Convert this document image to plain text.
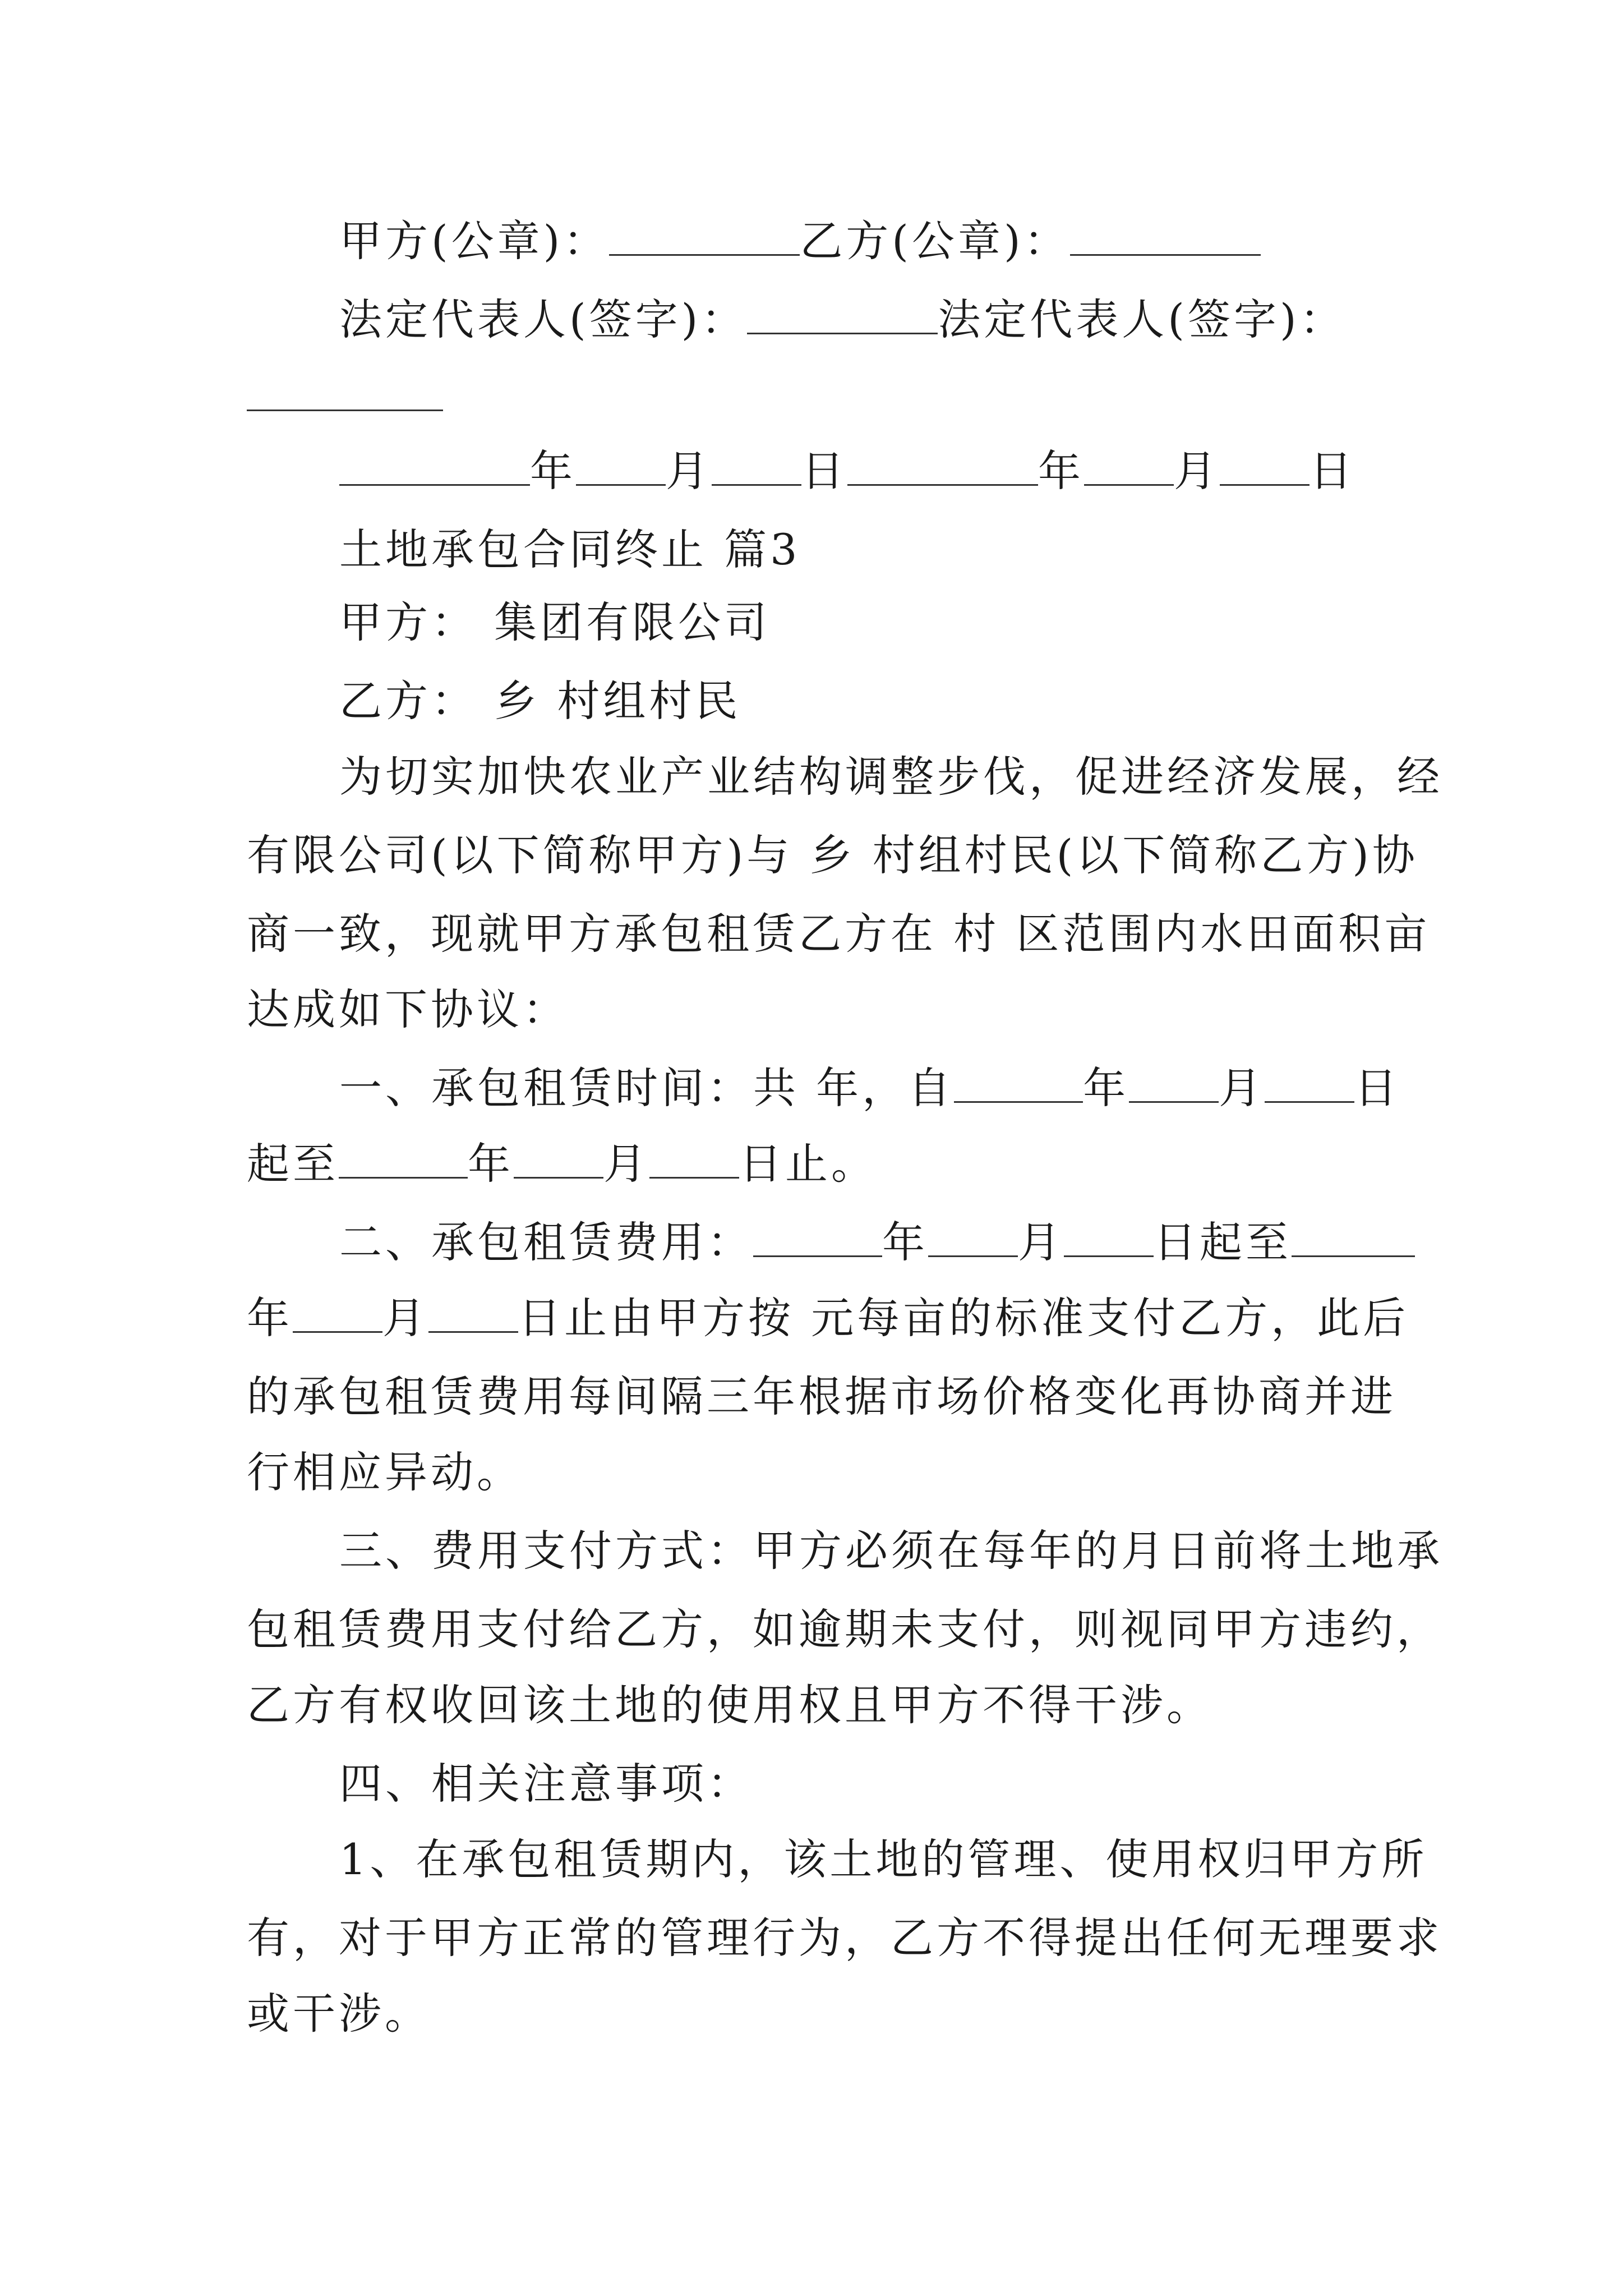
甲方(公章)：	乙方(公章)：
法定代表人(签字)：	法定代表人(签字)：
年 月 日	年 月 日
土地承包合同终止 篇3
甲方： 集团有限公司
乙方： 乡 村组村民
为切实加快农业产业结构调整步伐，促进经济发展，经
有限公司(以下简称甲方)与 乡 村组村民(以下简称乙方)协
商一致，现就甲方承包租赁乙方在 村 区范围内水田面积亩
达成如下协议：
一、承包租赁时间：共 年，自	年 月 日
起至	年 月 日止。
二、承包租赁费用：	年 月 日起至
年 月 日止由甲方按 元每亩的标准支付乙方，此后
的承包租赁费用每间隔三年根据市场价格变化再协商并进
行相应异动。
三、费用支付方式：甲方必须在每年的月日前将土地承
包租赁费用支付给乙方，如逾期未支付，则视同甲方违约，
乙方有权收回该土地的使用权且甲方不得干涉。
四、相关注意事项：
1、在承包租赁期内，该土地的管理、使用权归甲方所
有，对于甲方正常的管理行为，乙方不得提出任何无理要求
或干涉。
